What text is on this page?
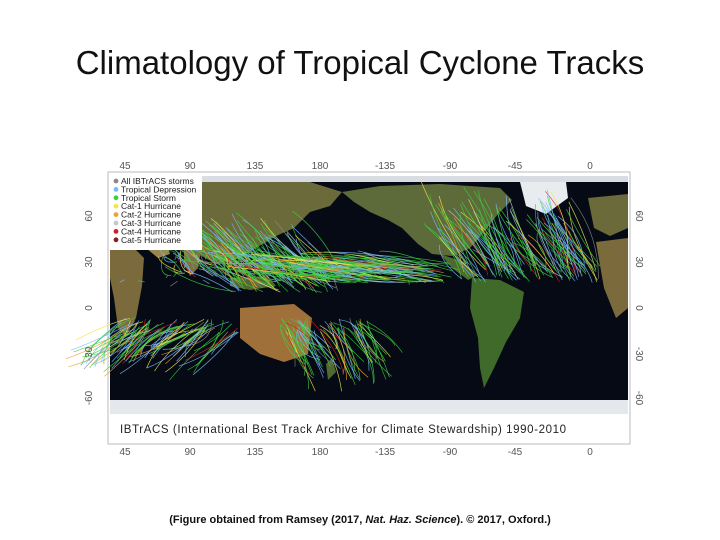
Climatology of Tropical Cyclone Tracks
All IBTrACS storms
Tropical Depression
Tropical Storm
Cat-1 Hurricane
Cat-2 Hurricane
Cat-3 Hurricane
Cat-4 Hurricane
Cat-5 Hurricane
IBTrACS (International Best Track Archive for Climate Stewardship) 1990-2010
45	90	135	180	-135	-90	-45	0
45	90	135	180	-135	-90	-45	0
60
30
0
-30
-60
60
30
0
-30
-60
(Figure obtained from Ramsey (2017, Nat. Haz. Science). © 2017, Oxford.)
